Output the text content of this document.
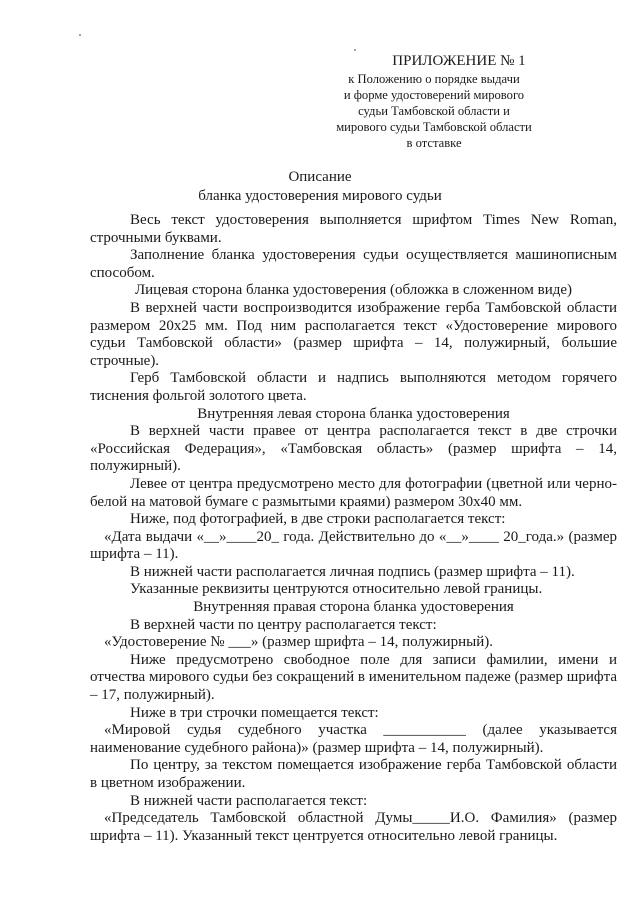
ПРИЛОЖЕНИЕ № 1
к Положению о порядке выдачи
и форме удостоверений мирового
судьи Тамбовской области и
мирового судьи Тамбовской области
в отставке
Описание
бланка удостоверения мирового судьи

Весь текст удостоверения выполняется шрифтом Times New Roman, строчными буквами.

Заполнение бланка удостоверения судьи осуществляется машинописным способом.

Лицевая сторона бланка удостоверения (обложка в сложенном виде)

В верхней части воспроизводится изображение герба Тамбовской области размером 20х25 мм. Под ним располагается текст «Удостоверение мирового судьи Тамбовской области» (размер шрифта – 14, полужирный, большие строчные).

Герб Тамбовской области и надпись выполняются методом горячего тиснения фольгой золотого цвета.

Внутренняя левая сторона бланка удостоверения

В верхней части правее от центра располагается текст в две строчки «Российская Федерация», «Тамбовская область» (размер шрифта – 14, полужирный).

Левее от центра предусмотрено место для фотографии (цветной или черно-белой на матовой бумаге с размытыми краями) размером 30х40 мм.

Ниже, под фотографией, в две строки располагается текст:

«Дата выдачи «__»____20_ года. Действительно до «__»____ 20_года.» (размер шрифта – 11).

В нижней части располагается личная подпись (размер шрифта – 11).

Указанные реквизиты центруются относительно левой границы.

Внутренняя правая сторона бланка удостоверения

В верхней части по центру располагается текст:

«Удостоверение № ___» (размер шрифта – 14, полужирный).

Ниже предусмотрено свободное поле для записи фамилии, имени и отчества мирового судьи без сокращений в именительном падеже (размер шрифта – 17, полужирный).

Ниже в три строчки помещается текст:

«Мировой судья судебного участка ___________ (далее указывается наименование судебного района)» (размер шрифта – 14, полужирный).

По центру, за текстом помещается изображение герба Тамбовской области в цветном изображении.

В нижней части располагается текст:

«Председатель Тамбовской областной Думы_____И.О. Фамилия» (размер шрифта – 11). Указанный текст центруется относительно левой границы.
